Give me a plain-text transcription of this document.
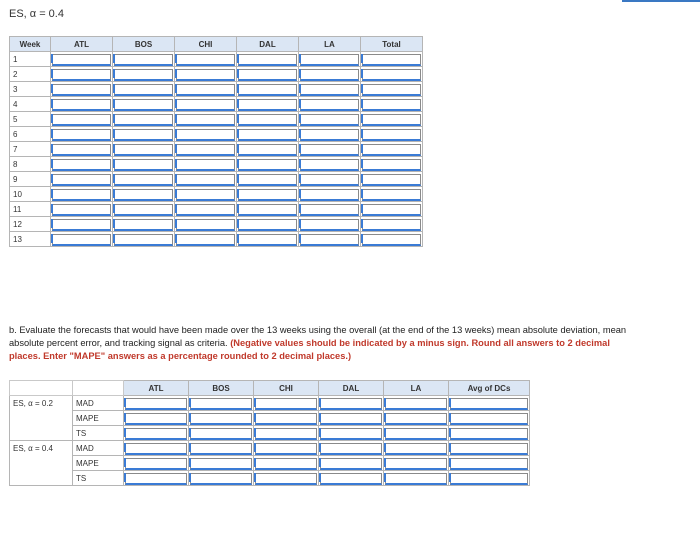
ES, α = 0.4
Week	ATL	BOS	CHI	DAL	LA	Total
1	

2	

3	

4	

5	

6	

7	

8	

9	

10	

11	

12	

13	

b. Evaluate the forecasts that would have been made over the 13 weeks using the overall (at the end of the 13 weeks) mean absolute deviation, mean absolute percent error, and tracking signal as criteria. (Negative values should be indicated by a minus sign. Round all answers to 2 decimal places. Enter "MAPE" answers as a percentage rounded to 2 decimal places.)
		ATL	BOS	CHI	DAL	LA	Avg of DCs
ES, α = 0.2	MAD	

	MAPE	

	TS	

ES, α = 0.4	MAD	

	MAPE	

	TS	
